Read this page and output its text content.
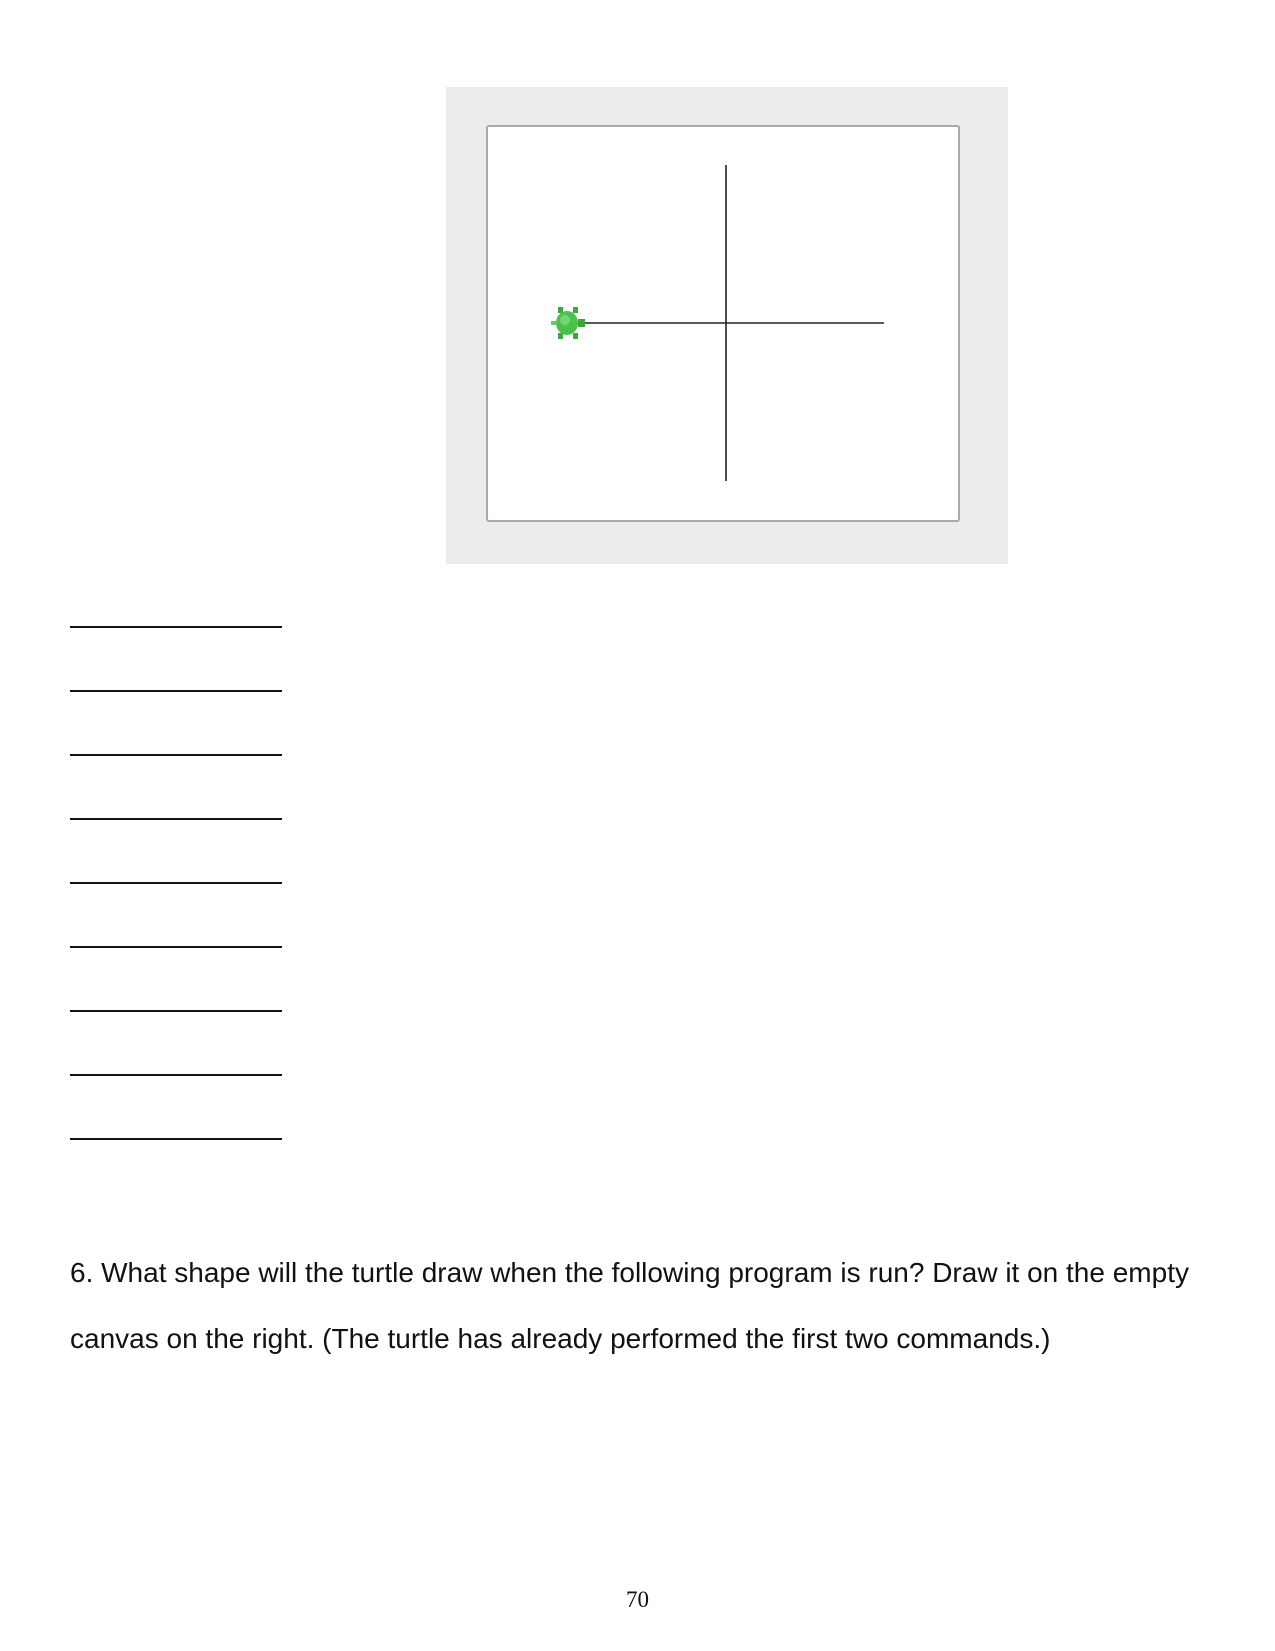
6. What shape will the turtle draw when the following program is run? Draw it on the empty canvas on the right. (The turtle has already performed the first two commands.)

70
